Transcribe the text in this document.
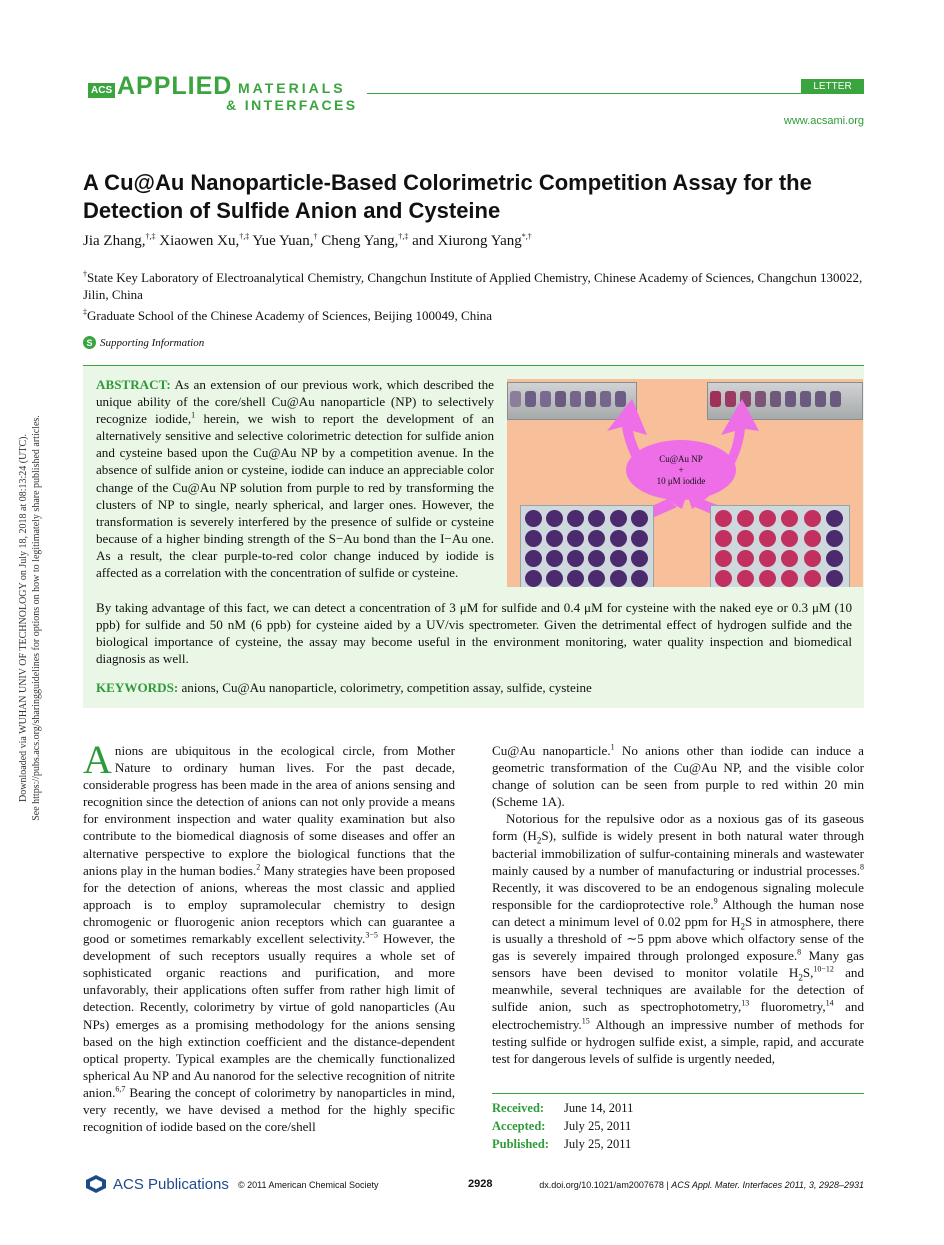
Downloaded via WUHAN UNIV OF TECHNOLOGY on July 18, 2018 at 08:13:24 (UTC). See https://pubs.acs.org/sharingguidelines for options on how to legitimately share published articles.
ACS APPLIED MATERIALS
& INTERFACES
LETTER
www.acsami.org
A Cu@Au Nanoparticle-Based Colorimetric Competition Assay for the Detection of Sulfide Anion and Cysteine
Jia Zhang,†,‡ Xiaowen Xu,†,‡ Yue Yuan,† Cheng Yang,†,‡ and Xiurong Yang*,†
†State Key Laboratory of Electroanalytical Chemistry, Changchun Institute of Applied Chemistry, Chinese Academy of Sciences, Changchun 130022, Jilin, China
‡Graduate School of the Chinese Academy of Sciences, Beijing 100049, China
S Supporting Information
ABSTRACT: As an extension of our previous work, which described the unique ability of the core/shell Cu@Au nanoparticle (NP) to selectively recognize iodide,$^1$ herein, we wish to report the development of an alternatively sensitive and selective colorimetric detection for sulfide anion and cysteine based upon the Cu@Au NP by a competition avenue. In the absence of sulfide anion or cysteine, iodide can induce an appreciable color change of the Cu@Au NP solution from purple to red by transforming the clusters of NP to single, nearly spherical, and larger ones. However, the transformation is severely interfered by the presence of sulfide or cysteine because of a higher binding strength of the S−Au bond than the I−Au one. As a result, the clear purple-to-red color change induced by iodide is affected as a correlation with the concentration of sulfide or cysteine.
By taking advantage of this fact, we can detect a concentration of 3 μM for sulfide and 0.4 μM for cysteine with the naked eye or 0.3 μM (10 ppb) for sulfide and 50 nM (6 ppb) for cysteine aided by a UV/vis spectrometer. Given the detrimental effect of hydrogen sulfide and the biological importance of cysteine, the assay may become useful in the environment monitoring, water quality inspection and biomedical diagnosis as well.
KEYWORDS: anions, Cu@Au nanoparticle, colorimetry, competition assay, sulfide, cysteine
Cu@Au NP
+
10 μM iodide
Anions are ubiquitous in the ecological circle, from Mother Nature to ordinary human lives. For the past decade, considerable progress has been made in the area of anions sensing and recognition since the detection of anions can not only provide a means for environment inspection and water quality examination but also contribute to the biomedical diagnosis of some diseases and offer an alternative perspective to explore the biological functions that the anions play in the human bodies.$^2$ Many strategies have been proposed for the detection of anions, whereas the most classic and applied approach is to employ supramolecular chemistry to design chromogenic or fluorogenic anion receptors which can guarantee a good or sometimes remarkably excellent selectivity.$^{3-5}$ However, the development of such receptors usually requires a whole set of sophisticated organic reactions and purification, and more unfavorably, their applications often suffer from rather high limit of detection. Recently, colorimetry by virtue of gold nanoparticles (Au NPs) emerges as a promising methodology for the anions sensing based on the high extinction coefficient and the distance-dependent optical property. Typical examples are the chemically functionalized spherical Au NP and Au nanorod for the selective recognition of nitrite anion.$^{6,7}$ Bearing the concept of colorimetry by nanoparticles in mind, very recently, we have devised a method for the highly specific recognition of iodide based on the core/shell
Cu@Au nanoparticle.$^1$ No anions other than iodide can induce a geometric transformation of the Cu@Au NP, and the visible color change of solution can be seen from purple to red within 20 min (Scheme 1A).
Notorious for the repulsive odor as a noxious gas of its gaseous form $(H_2S)$, sulfide is widely present in both natural water through bacterial immobilization of sulfur-containing minerals and wastewater mainly caused by a number of manufacturing or industrial processes.$^8$ Recently, it was discovered to be an endogenous signaling molecule responsible for the cardioprotective role.$^9$ Although the human nose can detect a minimum level of 0.02 ppm for $H_2S$ in atmosphere, there is usually a threshold of ∼5 ppm above which olfactory sense of the gas is severely impaired through prolonged exposure.$^8$ Many gas sensors have been devised to monitor volatile $H_2S,^{10-12}$ and meanwhile, several techniques are available for the detection of sulfide anion, such as spectrophotometry,$^{13}$ fluorometry,$^{14}$ and electrochemistry.$^{15}$ Although an impressive number of methods for testing sulfide or hydrogen sulfide exist, a simple, rapid, and accurate test for dangerous levels of sulfide is urgently needed,
Received: June 14, 2011
Accepted: July 25, 2011
Published: July 25, 2011
ACS Publications © 2011 American Chemical Society	2928	dx.doi.org/10.1021/am2007678 | ACS Appl. Mater. Interfaces 2011, 3, 2928–2931
